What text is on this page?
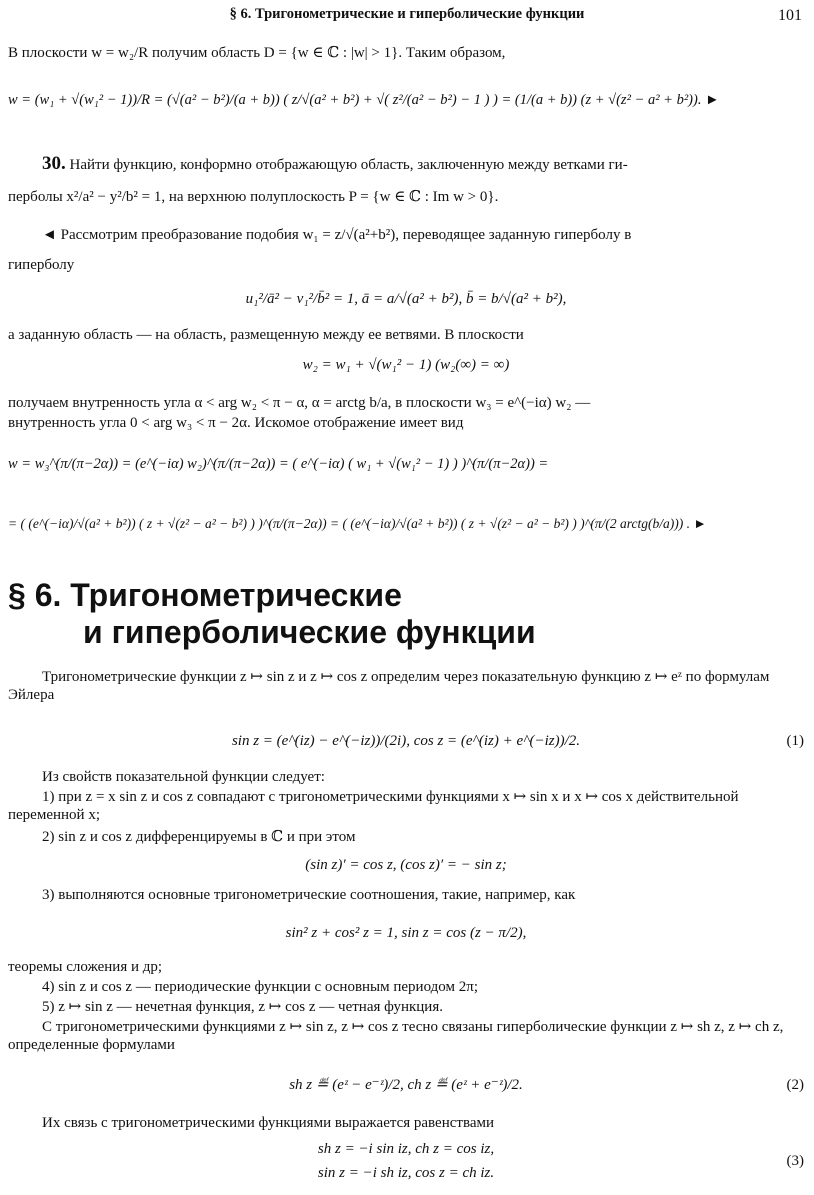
§ 6. Тригонометрические и гиперболические функции	101
В плоскости w = w₂/R получим область D = {w ∈ ℂ : |w| > 1}. Таким образом,
w = (w₁ + √(w₁² − 1))/R = (√(a² − b²)/(a + b)) ( z/√(a² + b²) + √( z²/(a² − b²) − 1 ) ) = (1/(a + b)) (z + √(z² − a² + b²)). ►
30. Найти функцию, конформно отображающую область, заключенную между ветками ги-
перболы x²/a² − y²/b² = 1, на верхнюю полуплоскость P = {w ∈ ℂ : Im w > 0}.
◄ Рассмотрим преобразование подобия w₁ = z/√(a²+b²), переводящее заданную гиперболу в
гиперболу
u₁²/ā² − v₁²/b̄² = 1, ā = a/√(a² + b²), b̄ = b/√(a² + b²),
а заданную область — на область, размещенную между ее ветвями. В плоскости
w₂ = w₁ + √(w₁² − 1) (w₂(∞) = ∞)
получаем внутренность угла α < arg w₂ < π − α, α = arctg b/a, в плоскости w₃ = e^(−iα) w₂ —
внутренность угла 0 < arg w₃ < π − 2α. Искомое отображение имеет вид
w = w₃^(π/(π−2α)) = (e^(−iα) w₂)^(π/(π−2α)) = ( e^(−iα) ( w₁ + √(w₁² − 1) ) )^(π/(π−2α)) =
= ( (e^(−iα)/√(a² + b²)) ( z + √(z² − a² − b²) ) )^(π/(π−2α)) = ( (e^(−iα)/√(a² + b²)) ( z + √(z² − a² − b²) ) )^(π/(2 arctg(b/a))) . ►
§ 6. Тригонометрические
и гиперболические функции
Тригонометрические функции z ↦ sin z и z ↦ cos z определим через показательную функцию z ↦ eᶻ по формулам Эйлера
sin z = (e^(iz) − e^(−iz))/(2i), cos z = (e^(iz) + e^(−iz))/2.	(1)
Из свойств показательной функции следует:
1) при z = x sin z и cos z совпадают с тригонометрическими функциями x ↦ sin x и x ↦ cos x действительной переменной x;
2) sin z и cos z дифференцируемы в ℂ и при этом
(sin z)′ = cos z, (cos z)′ = − sin z;
3) выполняются основные тригонометрические соотношения, такие, например, как
sin² z + cos² z = 1, sin z = cos (z − π/2),
теоремы сложения и др;
4) sin z и cos z — периодические функции с основным периодом 2π;
5) z ↦ sin z — нечетная функция, z ↦ cos z — четная функция.
С тригонометрическими функциями z ↦ sin z, z ↦ cos z тесно связаны гиперболические функции z ↦ sh z, z ↦ ch z, определенные формулами
sh z ≝ (eᶻ − e⁻ᶻ)/2, ch z ≝ (eᶻ + e⁻ᶻ)/2.	(2)
Их связь с тригонометрическими функциями выражается равенствами
sh z = −i sin iz, ch z = cos iz,
sin z = −i sh iz, cos z = ch iz.
(3)
